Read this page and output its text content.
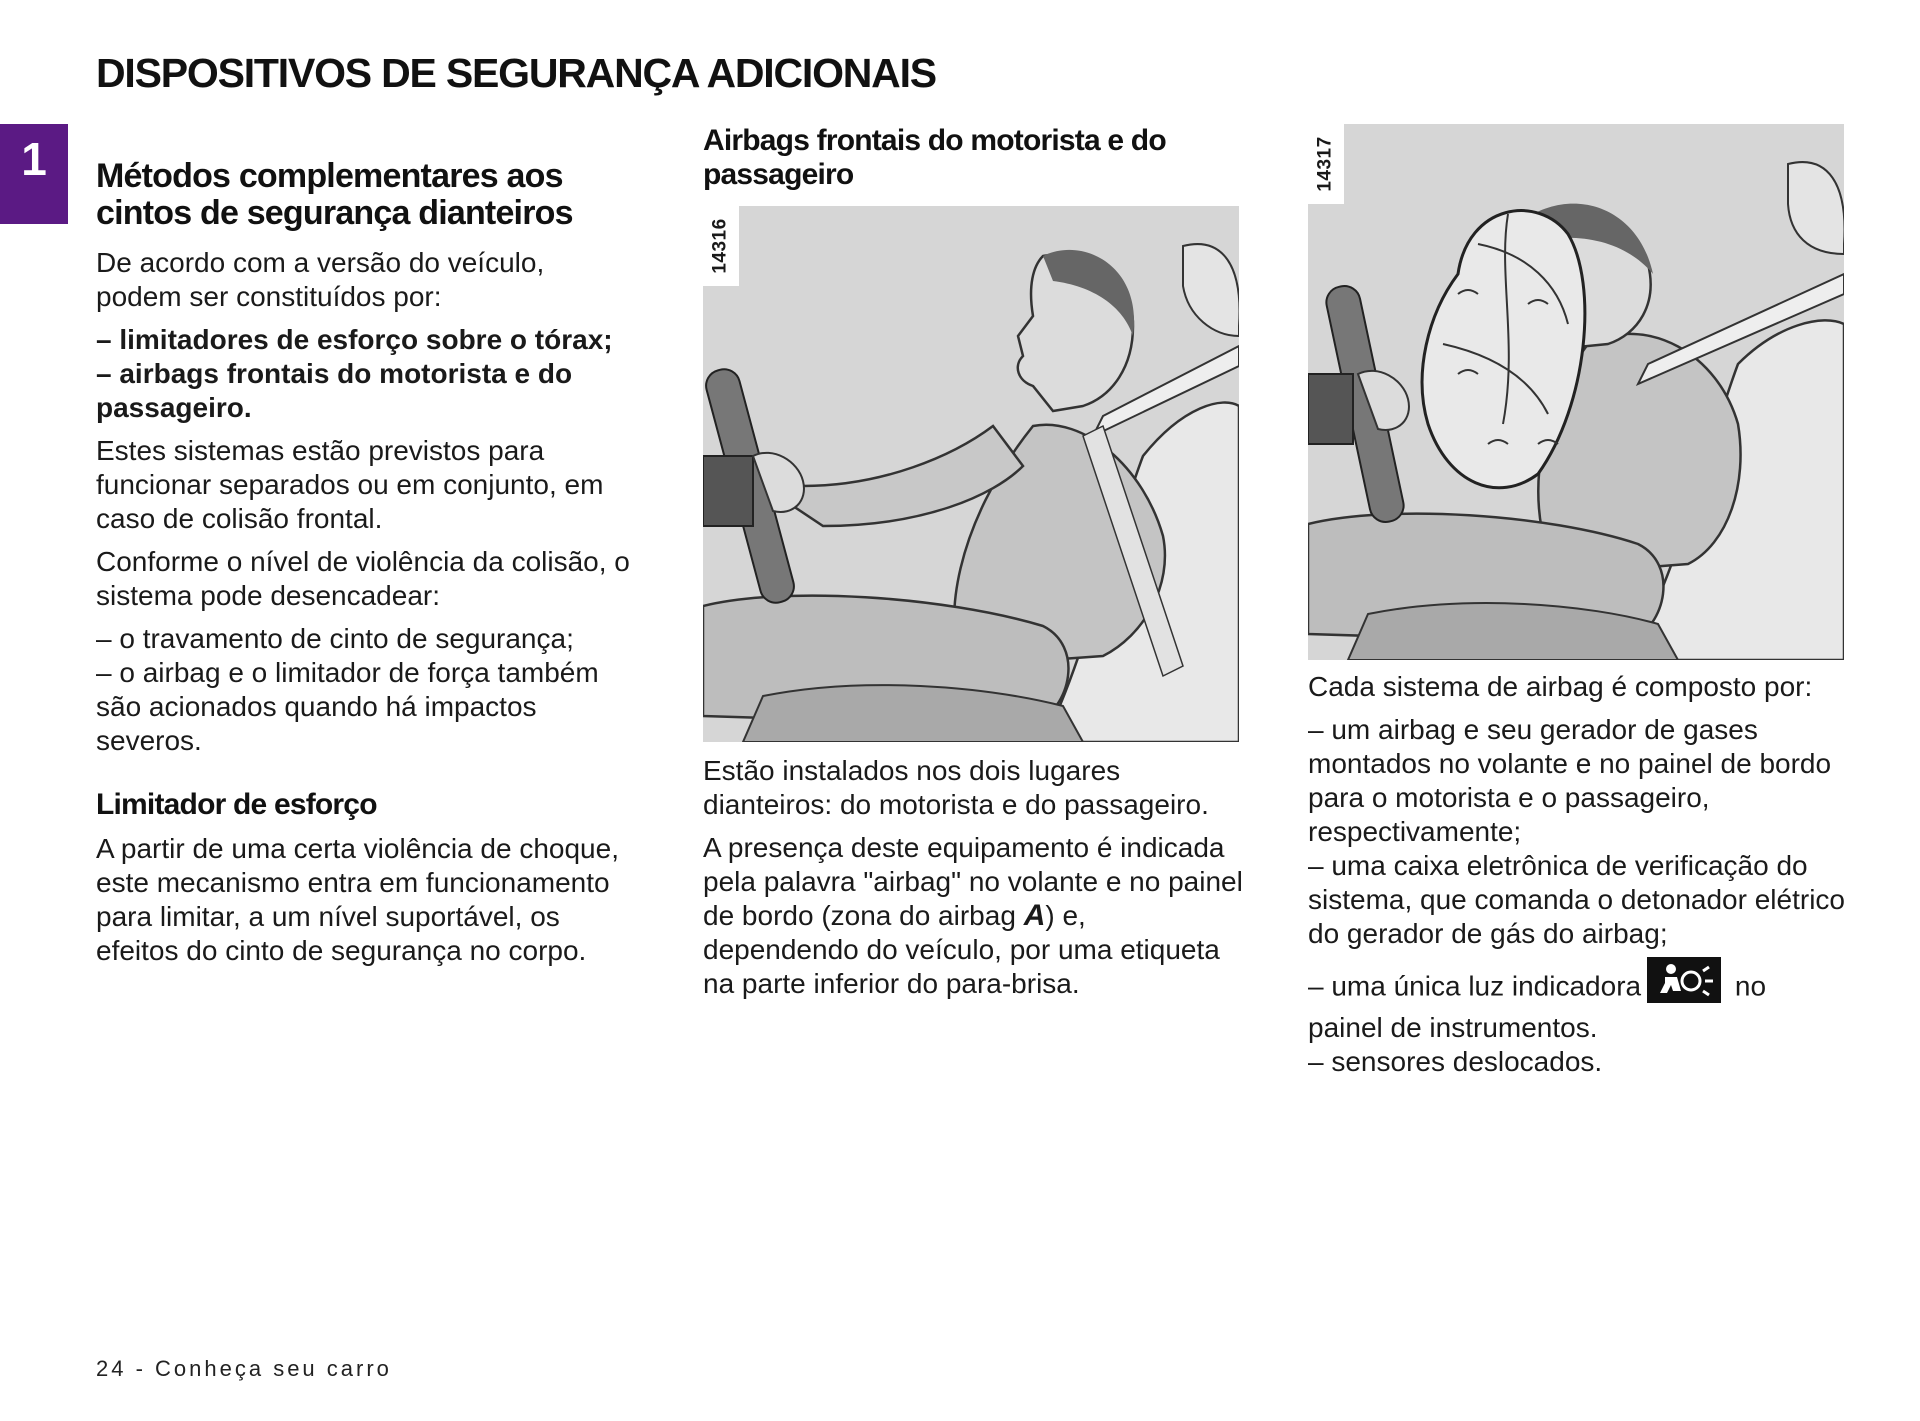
DISPOSITIVOS DE SEGURANÇA ADICIONAIS
1 Métodos complementares aos cintos de segurança dianteiros

De acordo com a versão do veículo, podem ser constituídos por:

– limitadores de esforço sobre o tórax;

– airbags frontais do motorista e do passageiro.

Estes sistemas estão previstos para funcionar separados ou em conjunto, em caso de colisão frontal.

Conforme o nível de violência da colisão, o sistema pode desencadear:

– o travamento de cinto de segurança;

– o airbag e o limitador de força também são acionados quando há impactos severos.

Limitador de esforço

A partir de uma certa violência de choque, este mecanismo entra em funcionamento para limitar, a um nível suportável, os efeitos do cinto de segurança no corpo.

Airbags frontais do motorista e do passageiro
14316

Estão instalados nos dois lugares dianteiros: do motorista e do passageiro.

A presença deste equipamento é indicada pela palavra "airbag" no volante e no painel de bordo (zona do airbag A) e, dependendo do veículo, por uma etiqueta na parte inferior do para-brisa.

14317

Cada sistema de airbag é composto por:

– um airbag e seu gerador de gases montados no volante e no painel de bordo para o motorista e o passageiro, respectivamente;

– uma caixa eletrônica de verificação do sistema, que comanda o detonador elétrico do gerador de gás do airbag;

– uma única luz indicadora	no painel de instrumentos.

– sensores deslocados.

24 - Conheça seu carro
